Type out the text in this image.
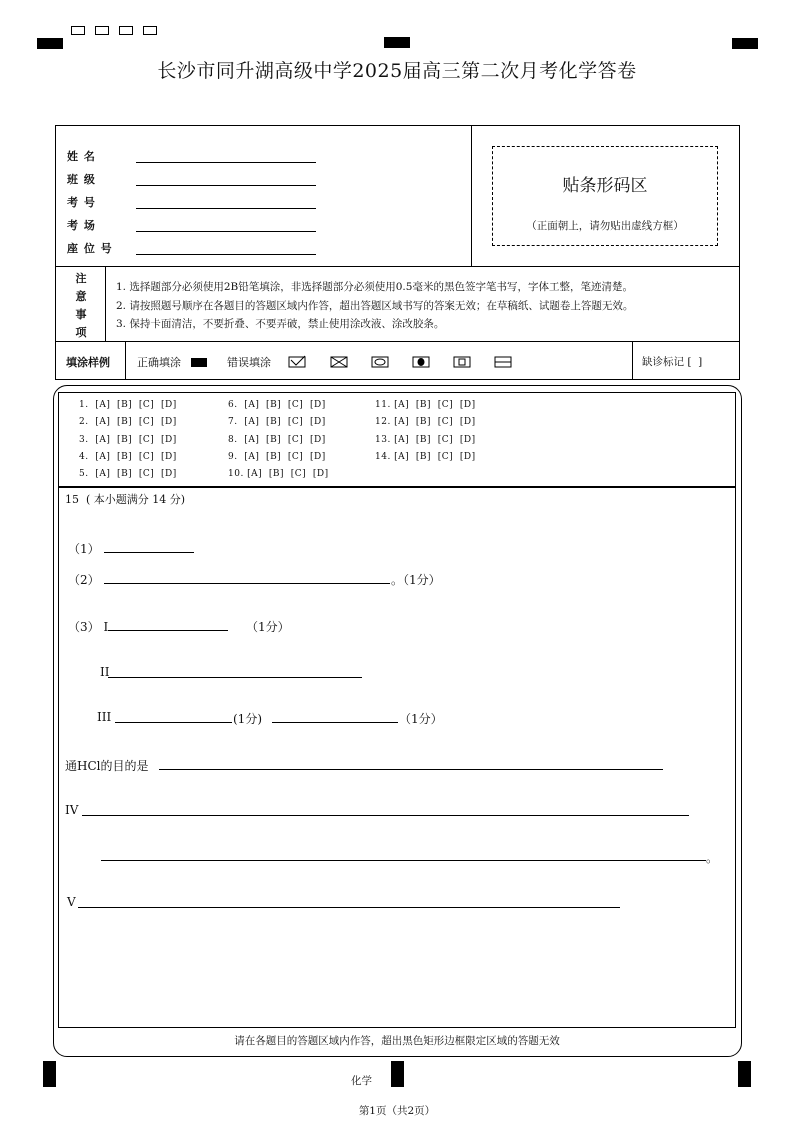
长沙市同升湖高级中学2025届高三第二次月考化学答卷
姓 名
班 级
考 号
考 场
座 位 号
贴条形码区
（正面朝上，请勿贴出虚线方框）
注意事项
1. 选择题部分必须使用2B铅笔填涂，非选择题部分必须使用0.5毫米的黑色签字笔书写，字体工整，笔迹清楚。
2. 请按照题号顺序在各题目的答题区域内作答，超出答题区域书写的答案无效；在草稿纸、试题卷上答题无效。
3. 保持卡面清洁，不要折叠、不要弄破，禁止使用涂改液、涂改胶条。
填涂样例 正确填涂	错误填涂	缺诊标记 [  ]
1.  [A]  [B]  [C]  [D]
2.  [A]  [B]  [C]  [D]
3.  [A]  [B]  [C]  [D]
4.  [A]  [B]  [C]  [D]
5.  [A]  [B]  [C]  [D]
6.  [A]  [B]  [C]  [D]
7.  [A]  [B]  [C]  [D]
8.  [A]  [B]  [C]  [D]
9.  [A]  [B]  [C]  [D]
10. [A]  [B]  [C]  [D]
11. [A]  [B]  [C]  [D]
12. [A]  [B]  [C]  [D]
13. [A]  [B]  [C]  [D]
14. [A]  [B]  [C]  [D]
15  ( 本小题满分 14 分)
（1）
（2）	。（1分）
（3） I	（1分）
II
III	(1分)	（1分）
通HCl的目的是
IV
。
V
请在各题目的答题区域内作答，超出黑色矩形边框限定区域的答题无效
化学
第1页（共2页）
